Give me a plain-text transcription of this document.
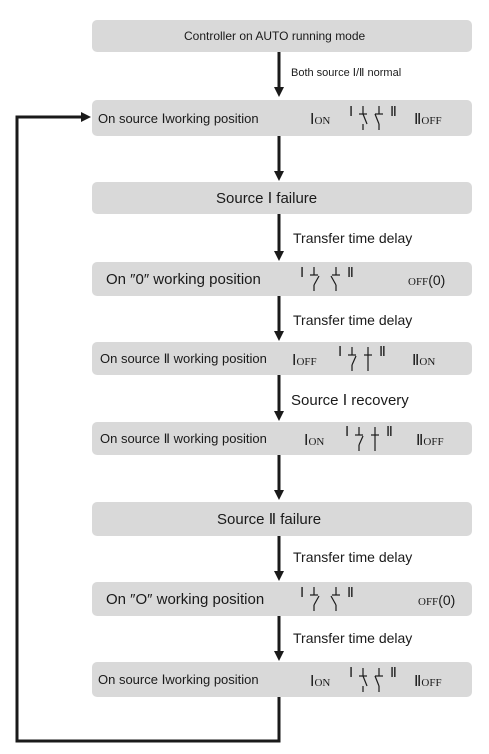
Controller on AUTO running mode
On source Ⅰworking position	ⅠON
Ⅰ	Ⅱ ⅡOFF
Source Ⅰ failure
On ″0″ working position	Ⅰ	Ⅱ
OFF(0)
On source Ⅱ working position ⅠOFF
Ⅰ	Ⅱ
ⅡON
On source Ⅱ working position ⅠON
Ⅰ	Ⅱ
ⅡOFF
Source Ⅱ failure
On ″O″ working position	Ⅰ	Ⅱ
OFF(0)
On source Ⅰworking position	ⅠON
Ⅰ	Ⅱ
ⅡOFF
Both source Ⅰ/Ⅱ normal
Transfer time delay
Transfer time delay
Source Ⅰ recovery
Transfer time delay
Transfer time delay
